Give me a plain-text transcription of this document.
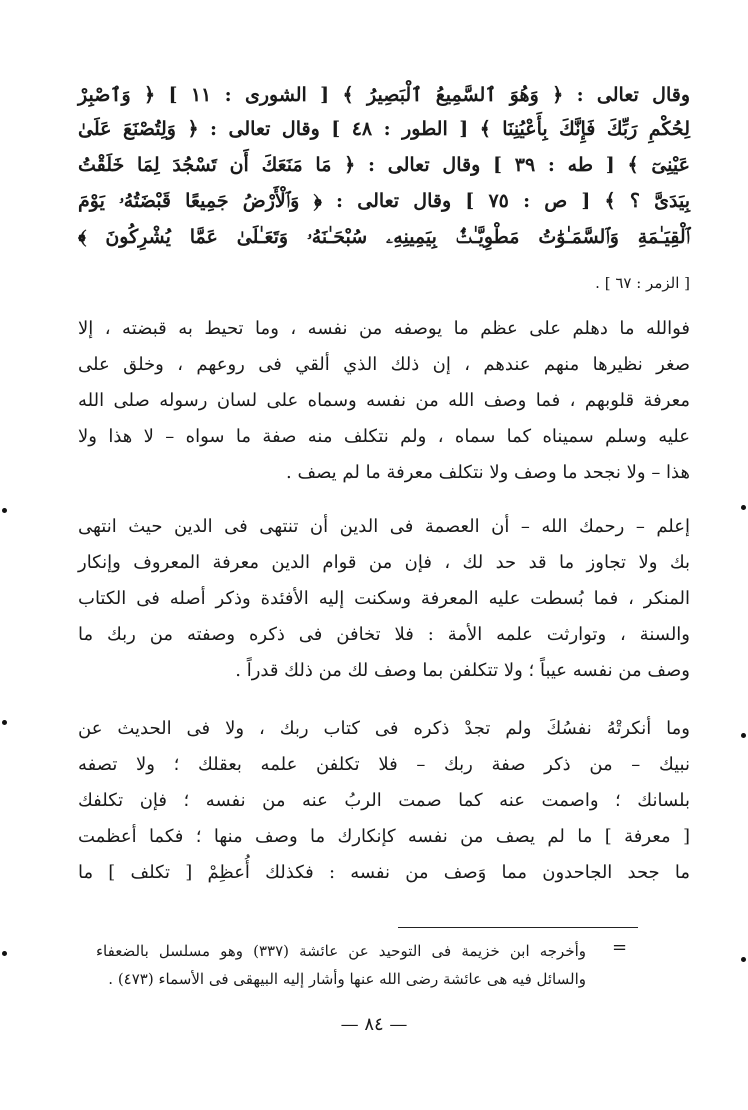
وقال تعالى : ﴿ وَهُوَ ٱلسَّمِيعُ ٱلْبَصِيرُ ﴾ [ الشورى : ١١ ] ﴿ وَٱصْبِرْ
لِحُكْمِ رَبِّكَ فَإِنَّكَ بِأَعْيُنِنَا ﴾ [ الطور : ٤٨ ] وقال تعالى : ﴿ وَلِتُصْنَعَ عَلَىٰ
عَيْنِىٓ ﴾ [ طه : ٣٩ ] وقال تعالى : ﴿ مَا مَنَعَكَ أَن تَسْجُدَ لِمَا خَلَقْتُ
بِيَدَىَّ ؟ ﴾ [ ص : ٧٥ ] وقال تعالى : ﴿ وَٱلْأَرْضُ جَمِيعًا قَبْضَتُهُۥ يَوْمَ
ٱلْقِيَـٰمَةِ وَٱلسَّمَـٰوَٰتُ مَطْوِيَّـٰتٌۢ بِيَمِينِهِۦ سُبْحَـٰنَهُۥ وَتَعَـٰلَىٰ عَمَّا يُشْرِكُونَ ﴾
[ الزمر : ٦٧ ] .
فوالله ما دهلم على عظم ما يوصفه من نفسه ، وما تحيط به قبضته ، إلا
صغر نظيرها منهم عندهم ، إن ذلك الذي ألقي فى روعهم ، وخلق على
معرفة قلوبهم ، فما وصف الله من نفسه وسماه على لسان رسوله صلى الله
عليه وسلم سميناه كما سماه ، ولم نتكلف منه صفة ما سواه – لا هذا ولا
هذا – ولا نجحد ما وصف ولا نتكلف معرفة ما لم يصف .
إعلم – رحمك الله – أن العصمة فى الدين أن تنتهى فى الدين حيث انتهى
بك ولا تجاوز ما قد حد لك ، فإن من قوام الدين معرفة المعروف وإنكار
المنكر ، فما بُسطت عليه المعرفة وسكنت إليه الأفئدة وذكر أصله فى الكتاب
والسنة ، وتوارثت علمه الأمة : فلا تخافن فى ذكره وصفته من ربك ما
وصف من نفسه عيباً ؛ ولا تتكلفن بما وصف لك من ذلك قدراً .
وما أنكرتْهُ نفسُكَ ولم تجدْ ذكره فى كتاب ربك ، ولا فى الحديث عن
نبيك – من ذكر صفة ربك – فلا تكلفن علمه بعقلك ؛ ولا تصفه
بلسانك ؛ واصمت عنه كما صمت الربُ عنه من نفسه ؛ فإن تكلفك
[ معرفة ] ما لم يصف من نفسه كإنكارك ما وصف منها ؛ فكما أعظمت
ما جحد الجاحدون مما وَصف من نفسه : فكذلك أُعظِمْ [ تكلف ] ما
=
وأخرجه ابن خزيمة فى التوحيد عن عائشة (٣٣٧) وهو مسلسل بالضعفاء
والسائل فيه هى عائشة رضى الله عنها وأشار إليه البيهقى فى الأسماء (٤٧٣) .
— ٨٤ —
